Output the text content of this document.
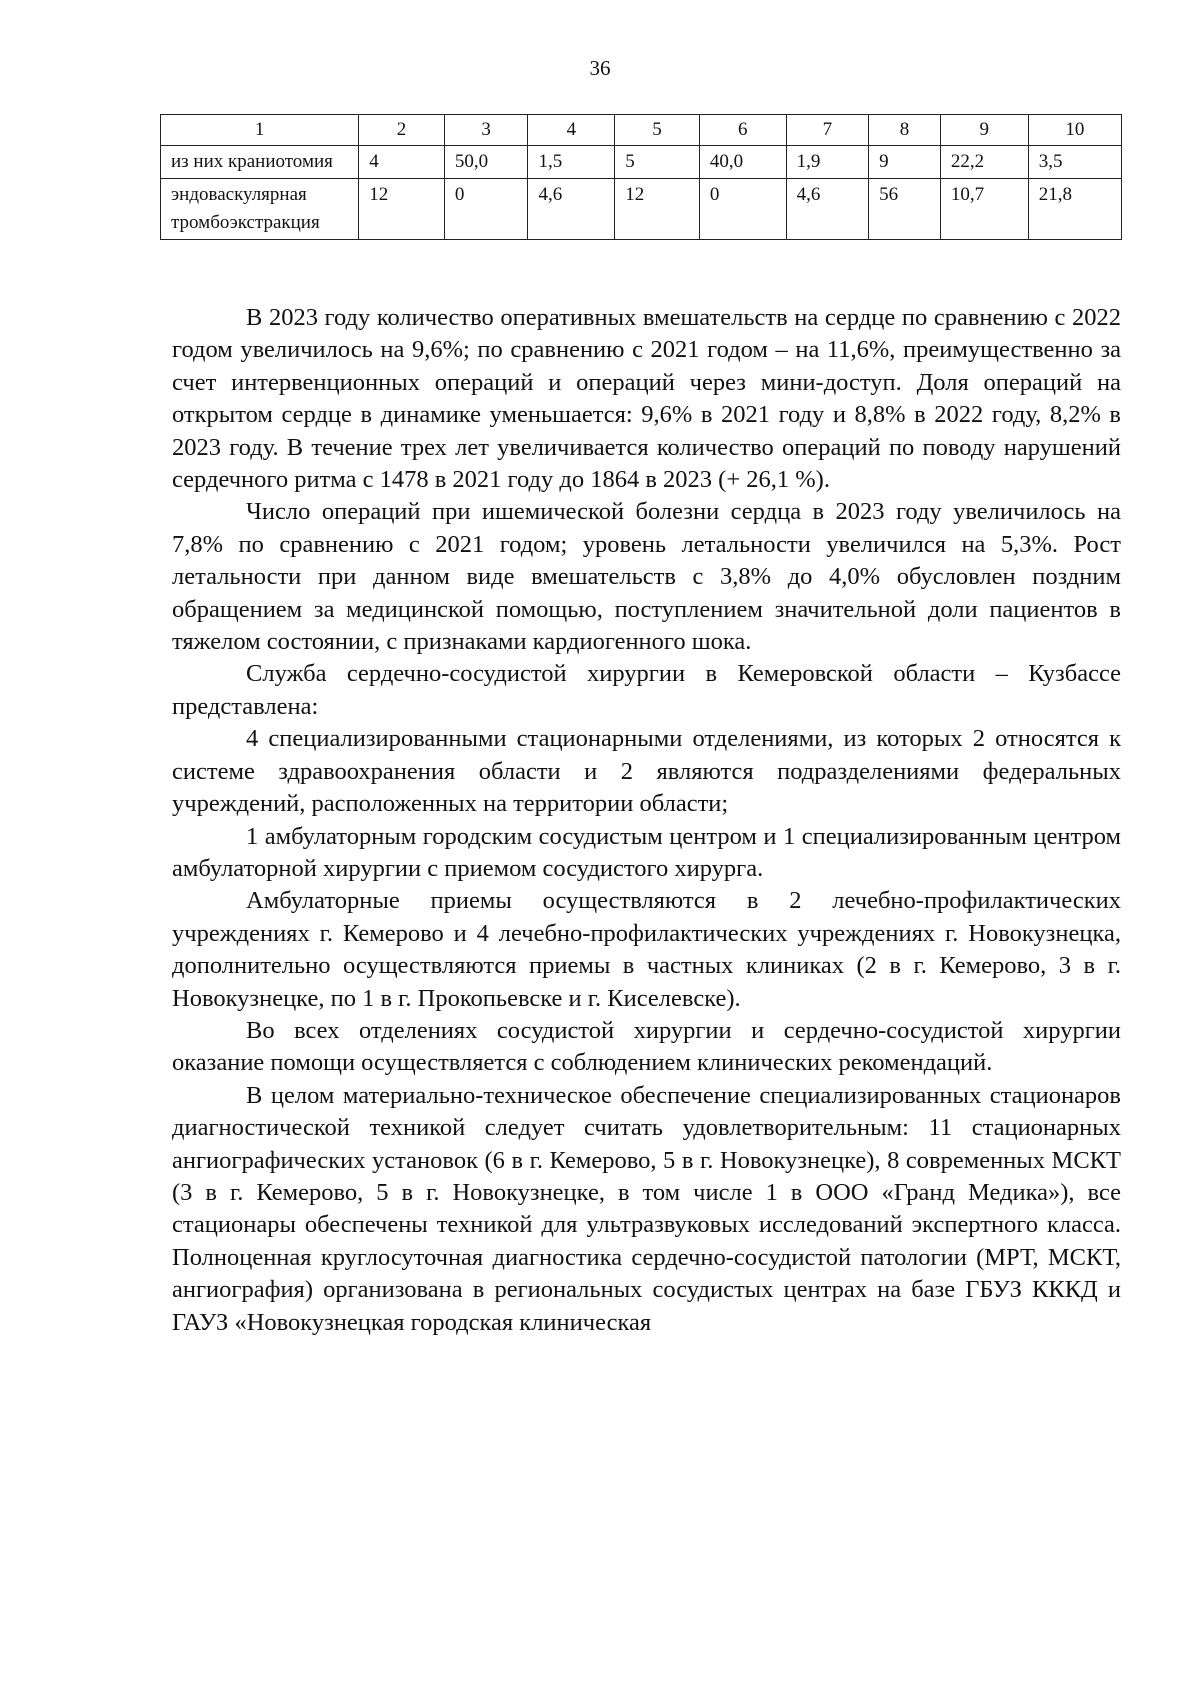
36
1	2	3	4	5	6	7	8	9	10
из них краниотомия	4	50,0	1,5	5	40,0	1,9	9	22,2	3,5
эндоваскулярная тромбоэкстракция	12	0	4,6	12	0	4,6	56	10,7	21,8

В 2023 году количество оперативных вмешательств на сердце по сравнению с 2022 годом увеличилось на 9,6%; по сравнению с 2021 годом – на 11,6%, преимущественно за счет интервенционных операций и операций через мини-доступ. Доля операций на открытом сердце в динамике уменьшается: 9,6% в 2021 году и 8,8% в 2022 году, 8,2% в 2023 году. В течение трех лет увеличивается количество операций по поводу нарушений сердечного ритма с 1478 в 2021 году до 1864 в 2023 (+ 26,1 %).

Число операций при ишемической болезни сердца в 2023 году увеличилось на 7,8% по сравнению с 2021 годом; уровень летальности увеличился на 5,3%. Рост летальности при данном виде вмешательств с 3,8% до 4,0% обусловлен поздним обращением за медицинской помощью, поступлением значительной доли пациентов в тяжелом состоянии, с признаками кардиогенного шока.

Служба сердечно-сосудистой хирургии в Кемеровской области – Кузбассе представлена:

4 специализированными стационарными отделениями, из которых 2 относятся к системе здравоохранения области и 2 являются подразделениями федеральных учреждений, расположенных на территории области;

1 амбулаторным городским сосудистым центром и 1 специализированным центром амбулаторной хирургии с приемом сосудистого хирурга.

Амбулаторные приемы осуществляются в 2 лечебно-профилактических учреждениях г. Кемерово и 4 лечебно-профилактических учреждениях г. Новокузнецка, дополнительно осуществляются приемы в частных клиниках (2 в г. Кемерово, 3 в г. Новокузнецке, по 1 в г. Прокопьевске и г. Киселевске).

Во всех отделениях сосудистой хирургии и сердечно-сосудистой хирургии оказание помощи осуществляется с соблюдением клинических рекомендаций.

В целом материально-техническое обеспечение специализированных стационаров диагностической техникой следует считать удовлетворительным: 11 стационарных ангиографических установок (6 в г. Кемерово, 5 в г. Новокузнецке), 8 современных МСКТ (3 в г. Кемерово, 5 в г. Новокузнецке, в том числе 1 в ООО «Гранд Медика»), все стационары обеспечены техникой для ультразвуковых исследований экспертного класса. Полноценная круглосуточная диагностика сердечно-сосудистой патологии (МРТ, МСКТ, ангиография) организована в региональных сосудистых центрах на базе ГБУЗ КККД и ГАУЗ «Новокузнецкая городская клиническая
